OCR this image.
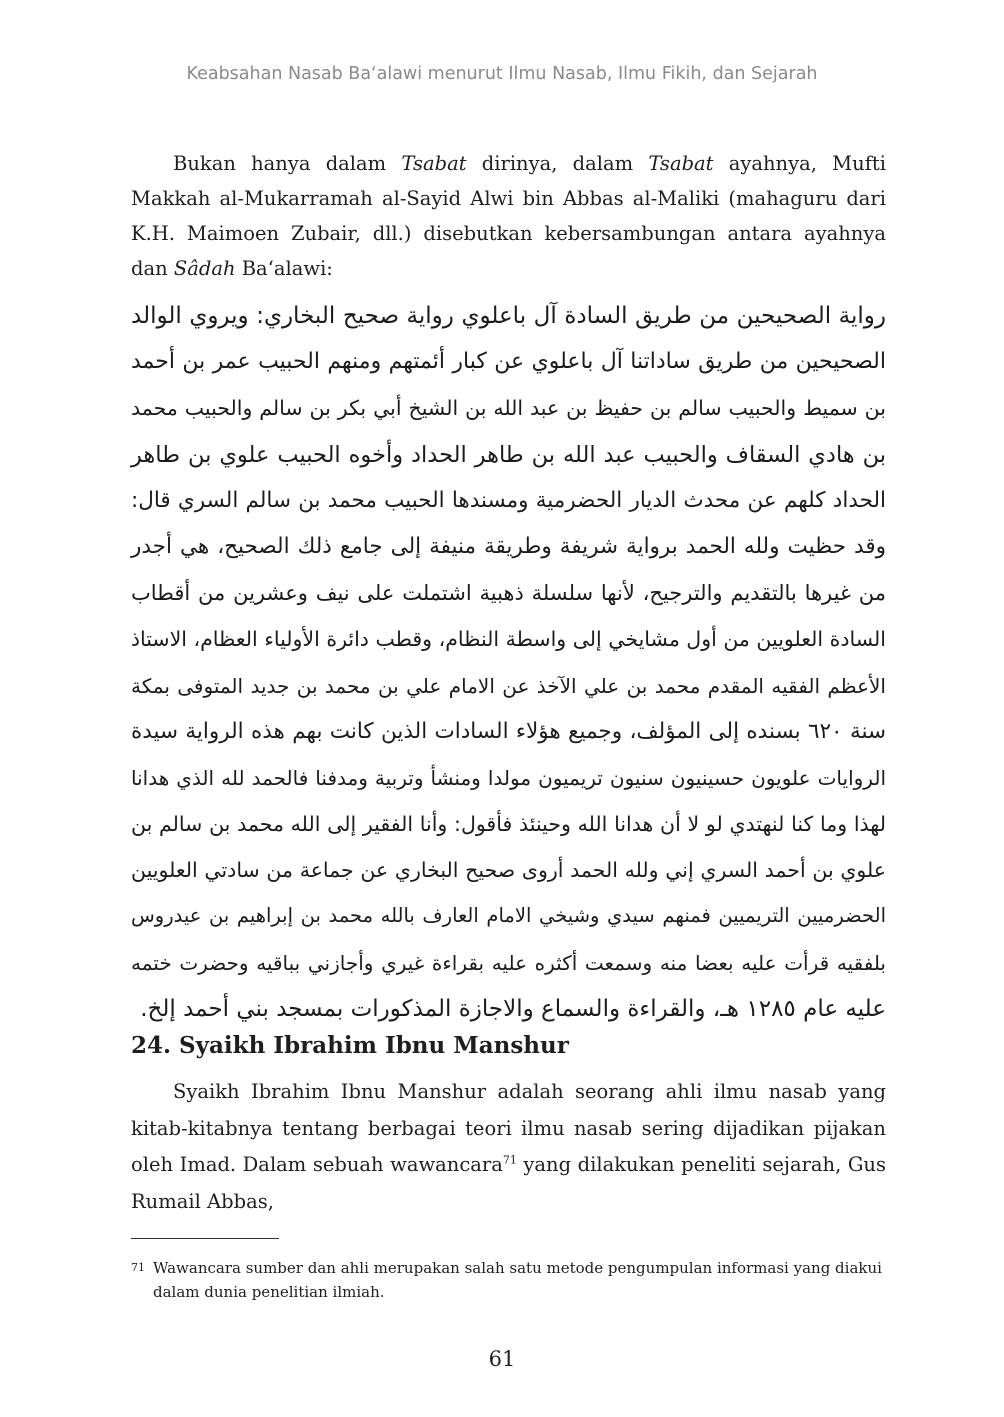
Keabsahan Nasab Ba‘alawi menurut Ilmu Nasab, Ilmu Fikih, dan Sejarah

Bukan hanya dalam Tsabat dirinya, dalam Tsabat ayahnya, Mufti Makkah al-Mukarramah al-Sayid Alwi bin Abbas al-Maliki (mahaguru dari K.H. Maimoen Zubair, dll.) disebutkan kebersambungan antara ayahnya dan Sâdah Ba‘alawi:

رواية الصحيحين من طريق السادة آل باعلوي رواية صحيح البخاري: ويروي الوالد
الصحيحين من طريق ساداتنا آل باعلوي عن كبار أئمتهم ومنهم الحبيب عمر بن أحمد
بن سميط والحبيب سالم بن حفيظ بن عبد الله بن الشيخ أبي بكر بن سالم والحبيب محمد
بن هادي السقاف والحبيب عبد الله بن طاهر الحداد وأخوه الحبيب علوي بن طاهر
الحداد كلهم عن محدث الديار الحضرمية ومسندها الحبيب محمد بن سالم السري قال:
وقد حظيت ولله الحمد برواية شريفة وطريقة منيفة إلى جامع ذلك الصحيح، هي أجدر
من غيرها بالتقديم والترجيح، لأنها سلسلة ذهبية اشتملت على نيف وعشرين من أقطاب
السادة العلويين من أول مشايخي إلى واسطة النظام، وقطب دائرة الأولياء العظام، الاستاذ
الأعظم الفقيه المقدم محمد بن علي الآخذ عن الامام علي بن محمد بن جديد المتوفى بمكة
سنة ٦٢٠ بسنده إلى المؤلف، وجميع هؤلاء السادات الذين كانت بهم هذه الرواية سيدة
الروايات علويون حسينيون سنيون تريميون مولدا ومنشأ وتربية ومدفنا فالحمد لله الذي هدانا
لهذا وما كنا لنهتدي لو لا أن هدانا الله وحينئذ فأقول: وأنا الفقير إلى الله محمد بن سالم بن
علوي بن أحمد السري إني ولله الحمد أروى صحيح البخاري عن جماعة من سادتي العلويين
الحضرميين التريميين فمنهم سيدي وشيخي الامام العارف بالله محمد بن إبراهيم بن عيدروس
بلفقيه قرأت عليه بعضا منه وسمعت أكثره عليه بقراءة غيري وأجازني بباقيه وحضرت ختمه
عليه عام ١٢٨٥ هـ، والقراءة والسماع والاجازة المذكورات بمسجد بني أحمد إلخ.
24. Syaikh Ibrahim Ibnu Manshur

Syaikh Ibrahim Ibnu Manshur adalah seorang ahli ilmu nasab yang kitab-kitabnya tentang berbagai teori ilmu nasab sering dijadikan pijakan oleh Imad. Dalam sebuah wawancara$^{71}$ yang dilakukan peneliti sejarah, Gus Rumail Abbas,

71 Wawancara sumber dan ahli merupakan salah satu metode pengumpulan informasi yang diakui dalam dunia penelitian ilmiah.
61
